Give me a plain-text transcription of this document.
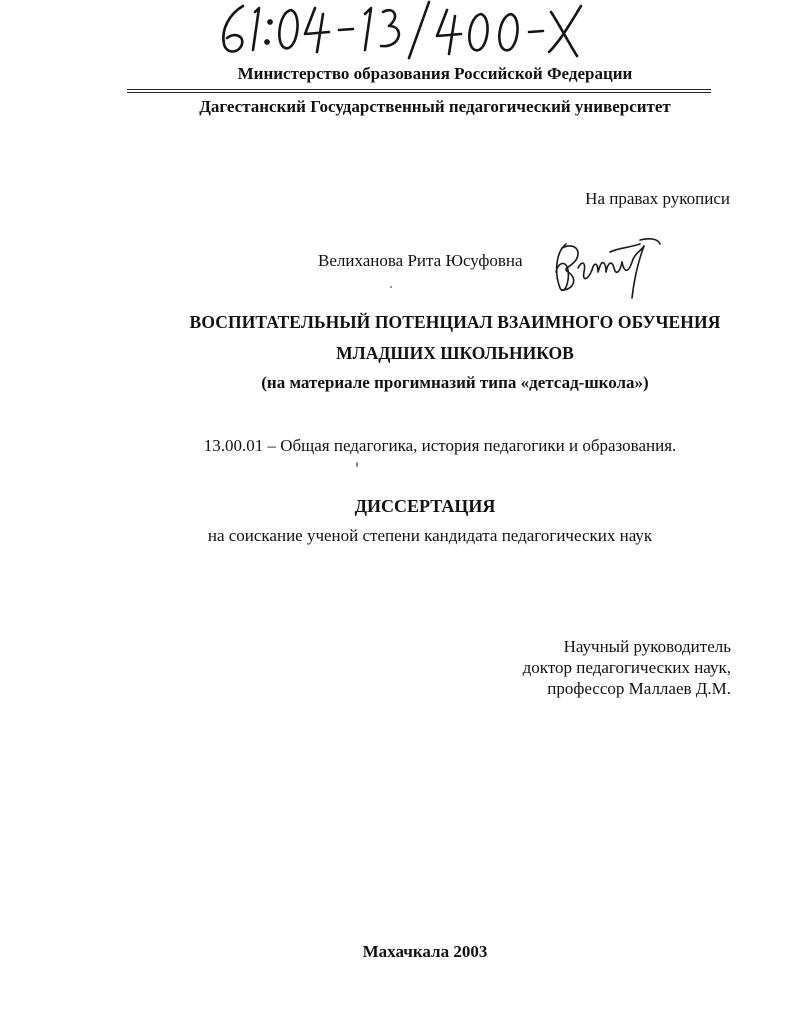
Министерство образования Российской Федерации
Дагестанский Государственный педагогический университет
На правах рукописи
Велиханова Рита Юсуфовна
ВОСПИТАТЕЛЬНЫЙ ПОТЕНЦИАЛ ВЗАИМНОГО ОБУЧЕНИЯ
МЛАДШИХ ШКОЛЬНИКОВ
(на материале прогимназий типа «детсад-школа»)
13.00.01 – Общая педагогика, история педагогики и образования.
ДИССЕРТАЦИЯ
на соискание ученой степени кандидата педагогических наук
Научный руководитель
доктор педагогических наук,
профессор Маллаев Д.М.
Махачкала 2003
